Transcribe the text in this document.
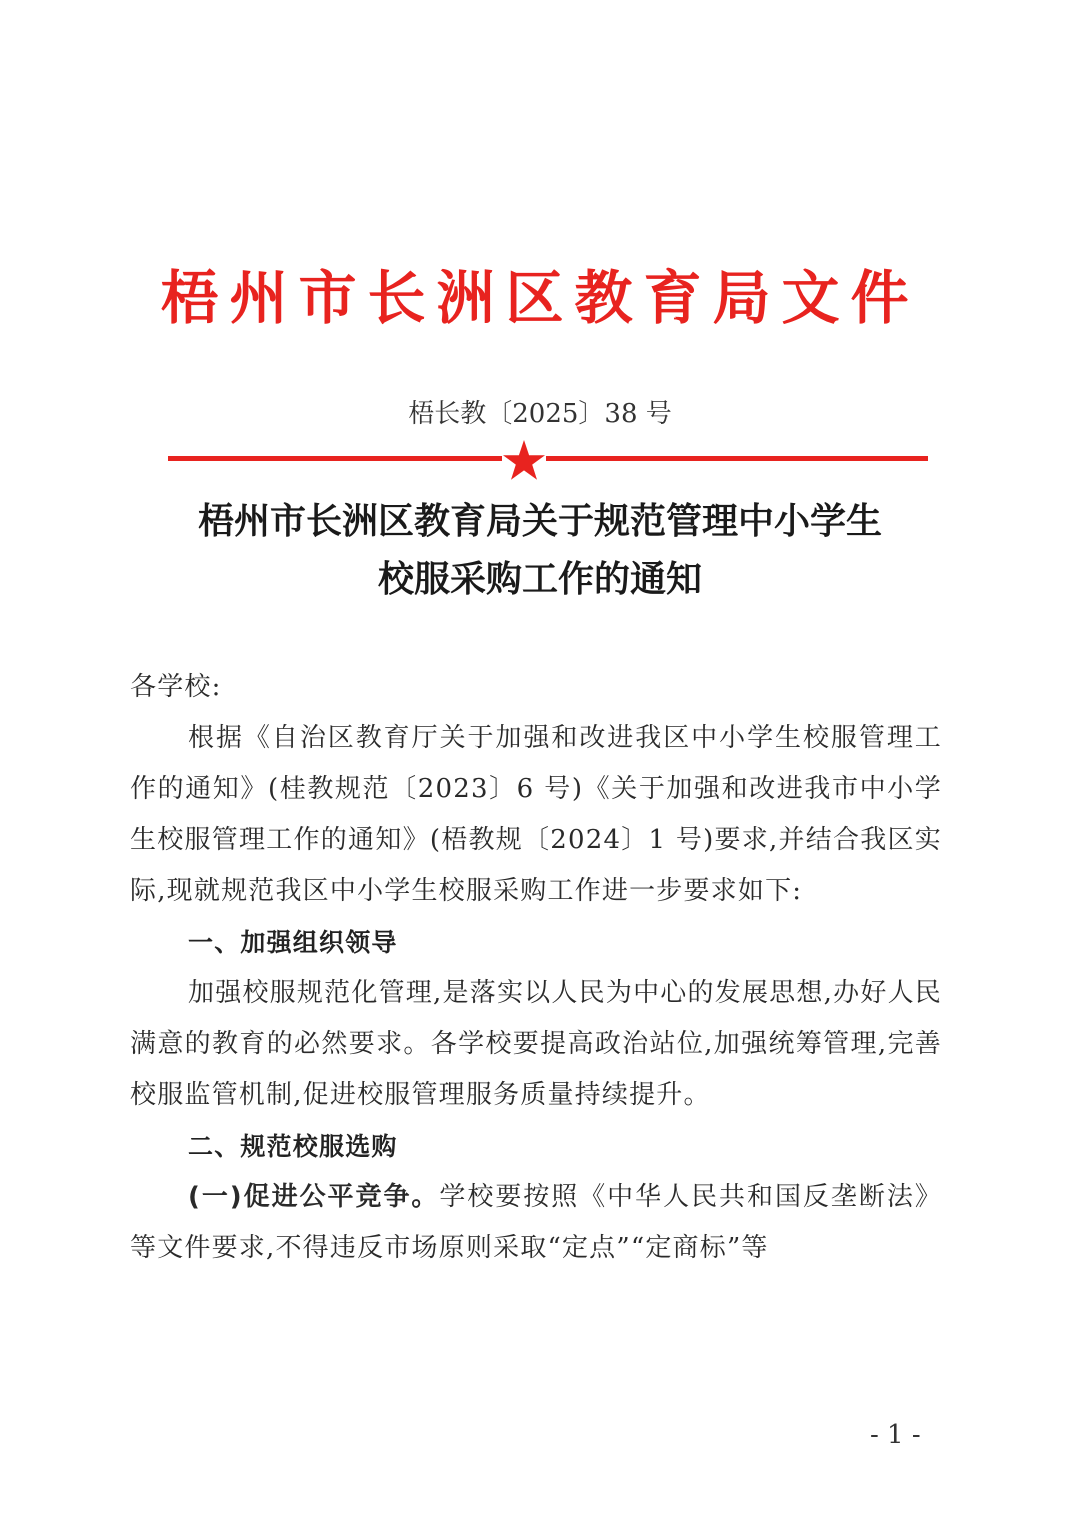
梧州市长洲区教育局文件
梧长教〔2025〕38 号
梧州市长洲区教育局关于规范管理中小学生
校服采购工作的通知

各学校:

根据《自治区教育厅关于加强和改进我区中小学生校服管理工作的通知》(桂教规范〔2023〕6 号)《关于加强和改进我市中小学生校服管理工作的通知》(梧教规〔2024〕1 号)要求,并结合我区实际,现就规范我区中小学生校服采购工作进一步要求如下:

一、加强组织领导

加强校服规范化管理,是落实以人民为中心的发展思想,办好人民满意的教育的必然要求。各学校要提高政治站位,加强统筹管理,完善校服监管机制,促进校服管理服务质量持续提升。

二、规范校服选购

(一)促进公平竞争。学校要按照《中华人民共和国反垄断法》等文件要求,不得违反市场原则采取“定点”“定商标”等

- 1 -
